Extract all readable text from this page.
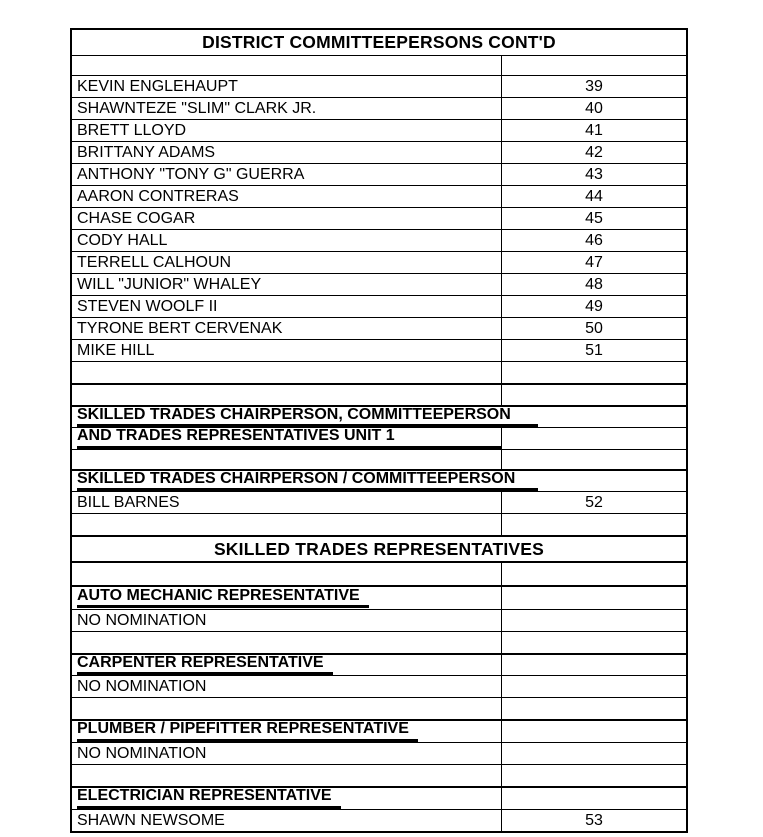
DISTRICT COMMITTEEPERSONS CONT'D
KEVIN ENGLEHAUPT	39
SHAWNTEZE "SLIM" CLARK JR.	40
BRETT LLOYD	41
BRITTANY ADAMS	42
ANTHONY "TONY G" GUERRA	43
AARON CONTRERAS	44
CHASE COGAR	45
CODY HALL	46
TERRELL CALHOUN	47
WILL "JUNIOR" WHALEY	48
STEVEN WOOLF II	49
TYRONE BERT CERVENAK	50
MIKE HILL	51
SKILLED TRADES CHAIRPERSON, COMMITTEEPERSON
AND TRADES REPRESENTATIVES UNIT 1
SKILLED TRADES CHAIRPERSON / COMMITTEEPERSON
BILL BARNES	52
SKILLED TRADES REPRESENTATIVES
AUTO MECHANIC REPRESENTATIVE
NO NOMINATION
CARPENTER REPRESENTATIVE
NO NOMINATION
PLUMBER / PIPEFITTER REPRESENTATIVE
NO NOMINATION
ELECTRICIAN REPRESENTATIVE
SHAWN NEWSOME	53
